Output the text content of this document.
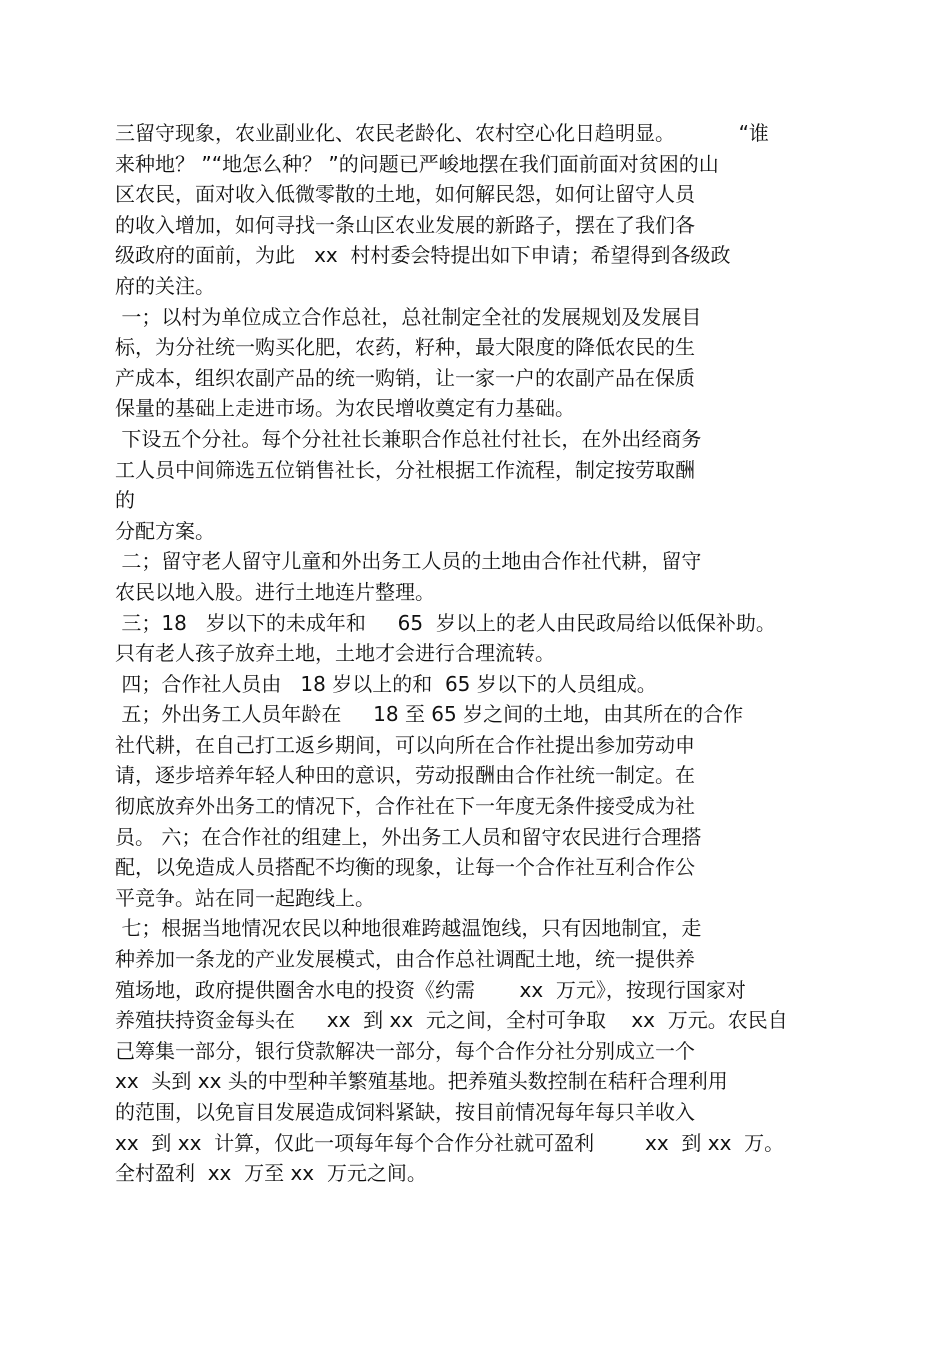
三留守现象，农业副业化、农民老龄化、农村空心化日趋明显。          “谁
来种地？ ”“地怎么种？ ”的问题已严峻地摆在我们面前面对贫困的山
区农民，面对收入低微零散的土地，如何解民怨，如何让留守人员
的收入增加，如何寻找一条山区农业发展的新路子，摆在了我们各
级政府的面前，为此   xx  村村委会特提出如下申请；希望得到各级政
府的关注。
一；以村为单位成立合作总社，总社制定全社的发展规划及发展目
标，为分社统一购买化肥，农药，籽种，最大限度的降低农民的生
产成本，组织农副产品的统一购销，让一家一户的农副产品在保质
保量的基础上走进市场。为农民增收奠定有力基础。
下设五个分社。每个分社社长兼职合作总社付社长，在外出经商务
工人员中间筛选五位销售社长，分社根据工作流程，制定按劳取酬
的
分配方案。
二；留守老人留守儿童和外出务工人员的土地由合作社代耕，留守
农民以地入股。进行土地连片整理。
三；18   岁以下的未成年和     65  岁以上的老人由民政局给以低保补助。
只有老人孩子放弃土地，土地才会进行合理流转。
四；合作社人员由   18 岁以上的和  65 岁以下的人员组成。
五；外出务工人员年龄在     18 至 65 岁之间的土地，由其所在的合作
社代耕，在自己打工返乡期间，可以向所在合作社提出参加劳动申
请，逐步培养年轻人种田的意识，劳动报酬由合作社统一制定。在
彻底放弃外出务工的情况下，合作社在下一年度无条件接受成为社
员。 六；在合作社的组建上，外出务工人员和留守农民进行合理搭
配，以免造成人员搭配不均衡的现象，让每一个合作社互利合作公
平竞争。站在同一起跑线上。
七；根据当地情况农民以种地很难跨越温饱线，只有因地制宜，走
种养加一条龙的产业发展模式，由合作总社调配土地，统一提供养
殖场地，政府提供圈舍水电的投资《约需       xx  万元》，按现行国家对
养殖扶持资金每头在     xx  到 xx  元之间，全村可争取    xx  万元。农民自
己筹集一部分，银行贷款解决一部分，每个合作分社分别成立一个
xx  头到 xx 头的中型种羊繁殖基地。把养殖头数控制在秸秆合理利用
的范围，以免盲目发展造成饲料紧缺，按目前情况每年每只羊收入
xx  到 xx  计算，仅此一项每年每个合作分社就可盈利        xx  到 xx  万。
全村盈利  xx  万至 xx  万元之间。
